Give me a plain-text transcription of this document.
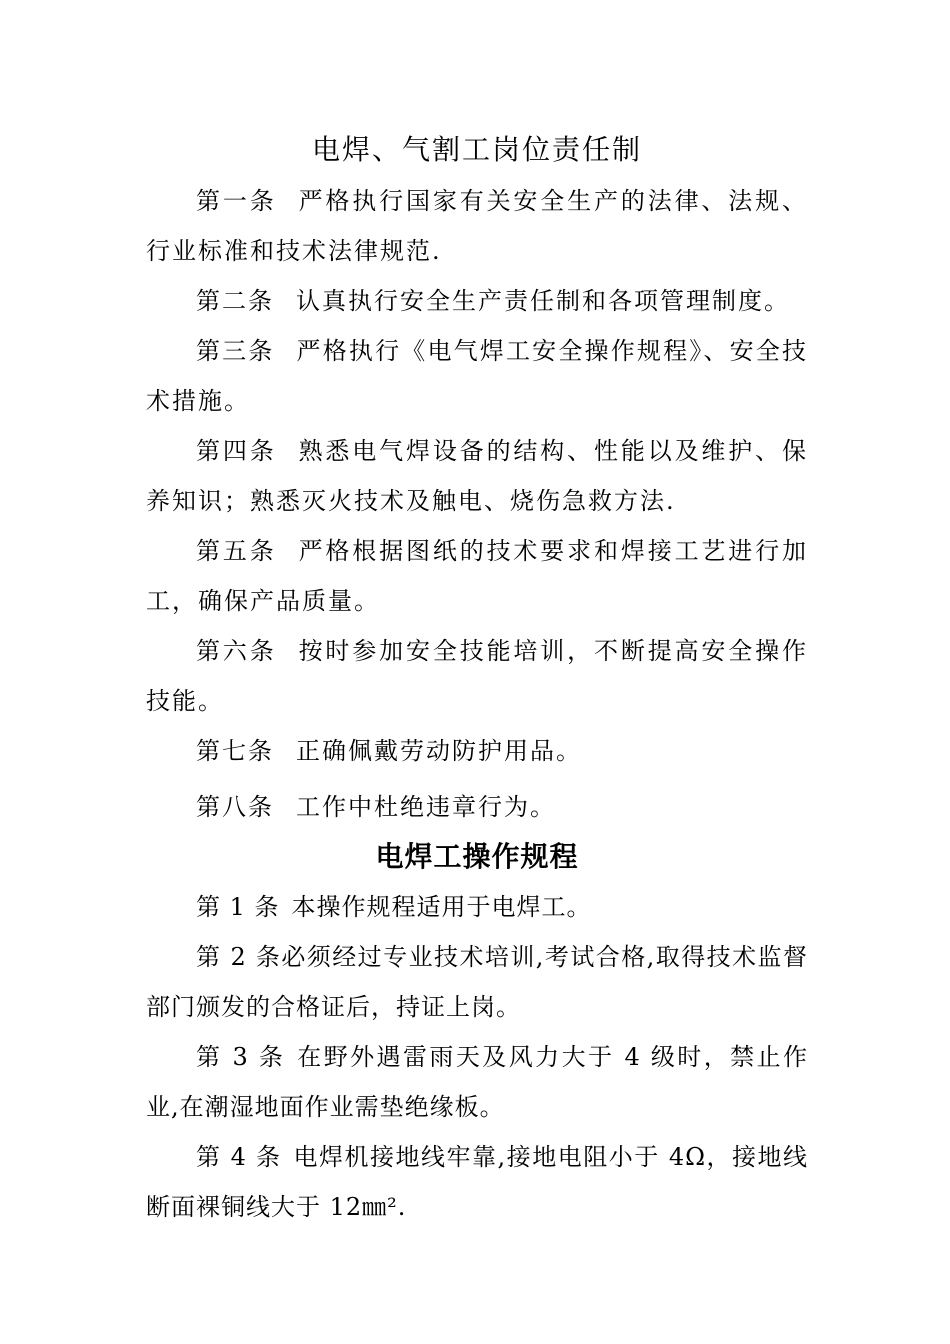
电焊、气割工岗位责任制

第一条 严格执行国家有关安全生产的法律、法规、行业标准和技术法律规范.

第二条 认真执行安全生产责任制和各项管理制度。

第三条 严格执行《电气焊工安全操作规程》、安全技术措施。

第四条 熟悉电气焊设备的结构、性能以及维护、保养知识；熟悉灭火技术及触电、烧伤急救方法.

第五条 严格根据图纸的技术要求和焊接工艺进行加工，确保产品质量。

第六条 按时参加安全技能培训，不断提高安全操作技能。

第七条 正确佩戴劳动防护用品。

第八条 工作中杜绝违章行为。

电焊工操作规程

第 1 条 本操作规程适用于电焊工。

第 2 条必须经过专业技术培训,考试合格,取得技术监督部门颁发的合格证后，持证上岗。

第 3 条 在野外遇雷雨天及风力大于 4 级时，禁止作业,在潮湿地面作业需垫绝缘板。

第 4 条 电焊机接地线牢靠,接地电阻小于 4Ω，接地线断面裸铜线大于 12㎜².
